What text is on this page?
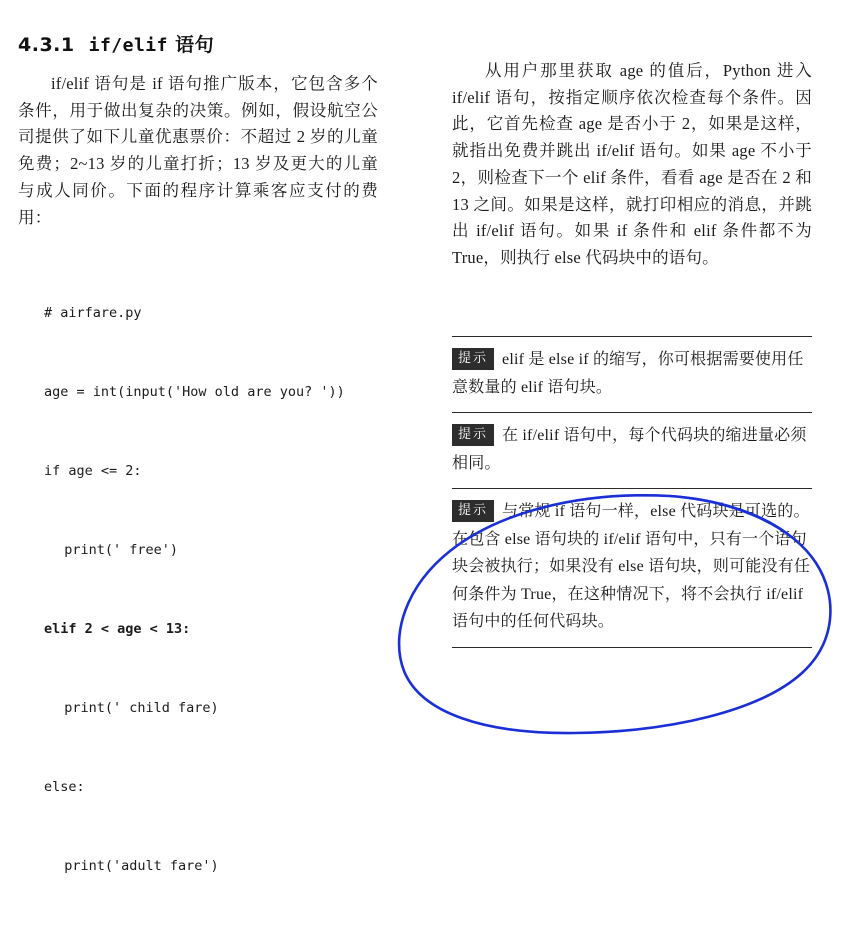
4.3.1 if/elif 语句

if/elif 语句是 if 语句推广版本，它包含多个条件，用于做出复杂的决策。例如，假设航空公司提供了如下儿童优惠票价：不超过 2 岁的儿童免费；2~13 岁的儿童打折；13 岁及更大的儿童与成人同价。下面的程序计算乘客应支付的费用：

# airfare.py

age = int(input('How old are you? '))

if age <= 2:

print(' free')

elif 2 < age < 13:

print(' child fare)

else:

print('adult fare')

从用户那里获取 age 的值后，Python 进入 if/elif 语句，按指定顺序依次检查每个条件。因此，它首先检查 age 是否小于 2，如果是这样，就指出免费并跳出 if/elif 语句。如果 age 不小于 2，则检查下一个 elif 条件，看看 age 是否在 2 和 13 之间。如果是这样，就打印相应的消息，并跳出 if/elif 语句。如果 if 条件和 elif 条件都不为 True，则执行 else 代码块中的语句。

提示 elif 是 else if 的缩写，你可根据需要使用任意数量的 elif 语句块。
提示 在 if/elif 语句中，每个代码块的缩进量必须相同。
提示 与常规 if 语句一样，else 代码块是可选的。在包含 else 语句块的 if/elif 语句中，只有一个语句块会被执行；如果没有 else 语句块，则可能没有任何条件为 True，在这种情况下，将不会执行 if/elif 语句中的任何代码块。
